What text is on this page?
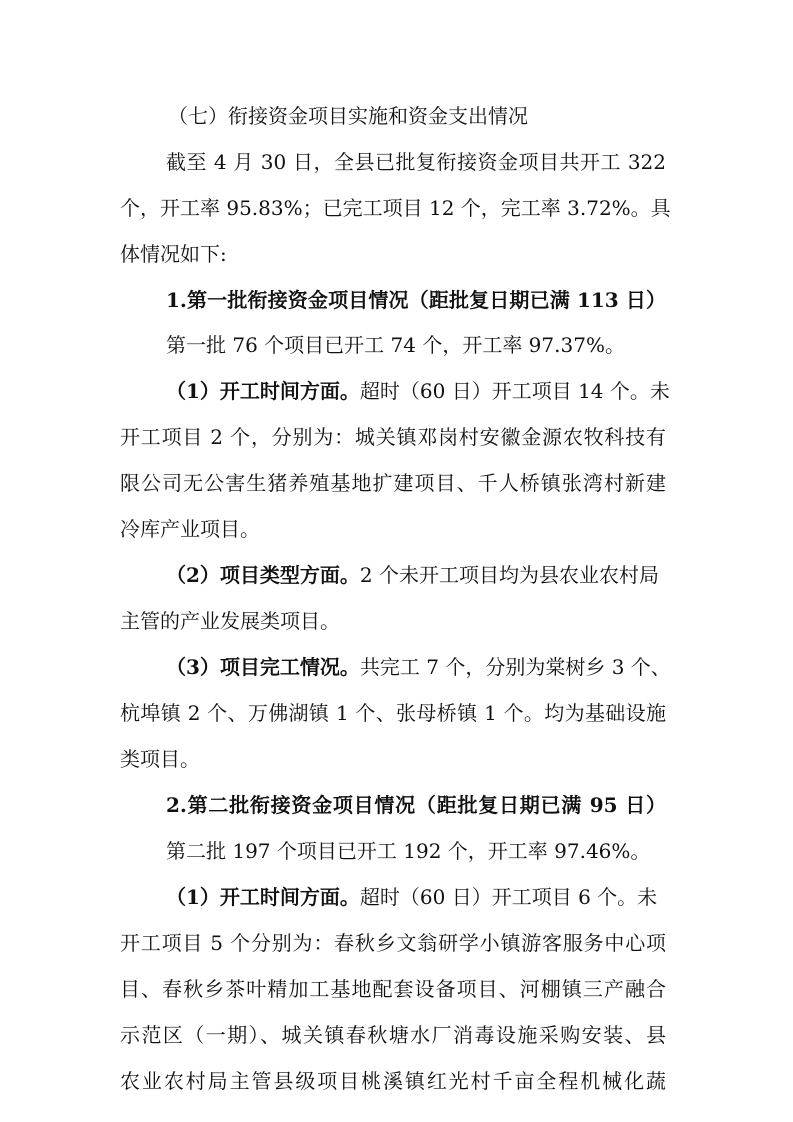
（七）衔接资金项目实施和资金支出情况
截至 4 月 30 日，全县已批复衔接资金项目共开工 322
个，开工率 95.83%；已完工项目 12 个，完工率 3.72%。具
体情况如下:
1.第一批衔接资金项目情况（距批复日期已满 113 日）
第一批 76 个项目已开工 74 个，开工率 97.37%。
（1）开工时间方面。超时（60 日）开工项目 14 个。未
开工项目 2 个，分别为：城关镇邓岗村安徽金源农牧科技有
限公司无公害生猪养殖基地扩建项目、千人桥镇张湾村新建
冷库产业项目。
（2）项目类型方面。2 个未开工项目均为县农业农村局
主管的产业发展类项目。
（3）项目完工情况。共完工 7 个，分别为棠树乡 3 个、
杭埠镇 2 个、万佛湖镇 1 个、张母桥镇 1 个。均为基础设施
类项目。
2.第二批衔接资金项目情况（距批复日期已满 95 日）
第二批 197 个项目已开工 192 个，开工率 97.46%。
（1）开工时间方面。超时（60 日）开工项目 6 个。未
开工项目 5 个分别为：春秋乡文翁研学小镇游客服务中心项
目、春秋乡茶叶精加工基地配套设备项目、河棚镇三产融合
示范区（一期）、城关镇春秋塘水厂消毒设施采购安装、县
农业农村局主管县级项目桃溪镇红光村千亩全程机械化蔬
